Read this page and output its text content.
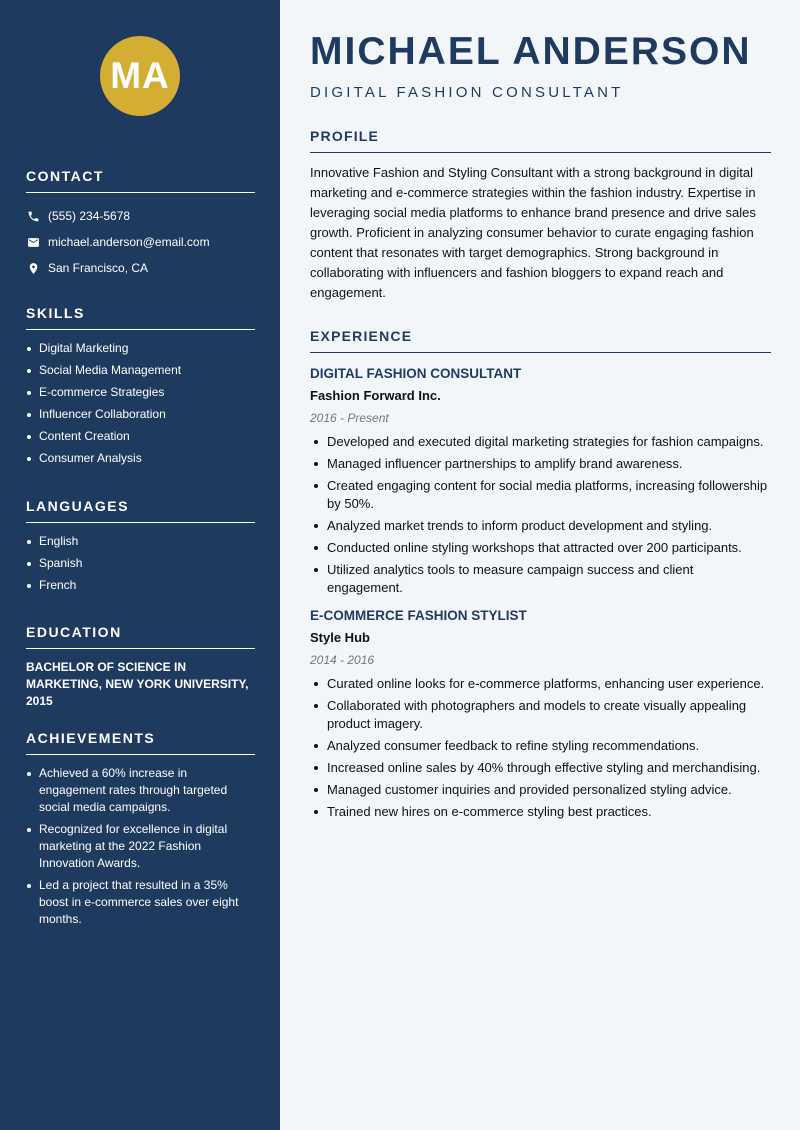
MA
CONTACT
(555) 234-5678
michael.anderson@email.com
San Francisco, CA
SKILLS
Digital Marketing
Social Media Management
E-commerce Strategies
Influencer Collaboration
Content Creation
Consumer Analysis
LANGUAGES
English
Spanish
French
EDUCATION
BACHELOR OF SCIENCE IN MARKETING, NEW YORK UNIVERSITY, 2015
ACHIEVEMENTS
Achieved a 60% increase in engagement rates through targeted social media campaigns.
Recognized for excellence in digital marketing at the 2022 Fashion Innovation Awards.
Led a project that resulted in a 35% boost in e-commerce sales over eight months.
MICHAEL ANDERSON
DIGITAL FASHION CONSULTANT
PROFILE

Innovative Fashion and Styling Consultant with a strong background in digital marketing and e-commerce strategies within the fashion industry. Expertise in leveraging social media platforms to enhance brand presence and drive sales growth. Proficient in analyzing consumer behavior to curate engaging fashion content that resonates with target demographics. Strong background in collaborating with influencers and fashion bloggers to expand reach and engagement.

EXPERIENCE
DIGITAL FASHION CONSULTANT
Fashion Forward Inc.
2016 - Present
Developed and executed digital marketing strategies for fashion campaigns.
Managed influencer partnerships to amplify brand awareness.
Created engaging content for social media platforms, increasing followership by 50%.
Analyzed market trends to inform product development and styling.
Conducted online styling workshops that attracted over 200 participants.
Utilized analytics tools to measure campaign success and client engagement.
E-COMMERCE FASHION STYLIST
Style Hub
2014 - 2016
Curated online looks for e-commerce platforms, enhancing user experience.
Collaborated with photographers and models to create visually appealing product imagery.
Analyzed consumer feedback to refine styling recommendations.
Increased online sales by 40% through effective styling and merchandising.
Managed customer inquiries and provided personalized styling advice.
Trained new hires on e-commerce styling best practices.
